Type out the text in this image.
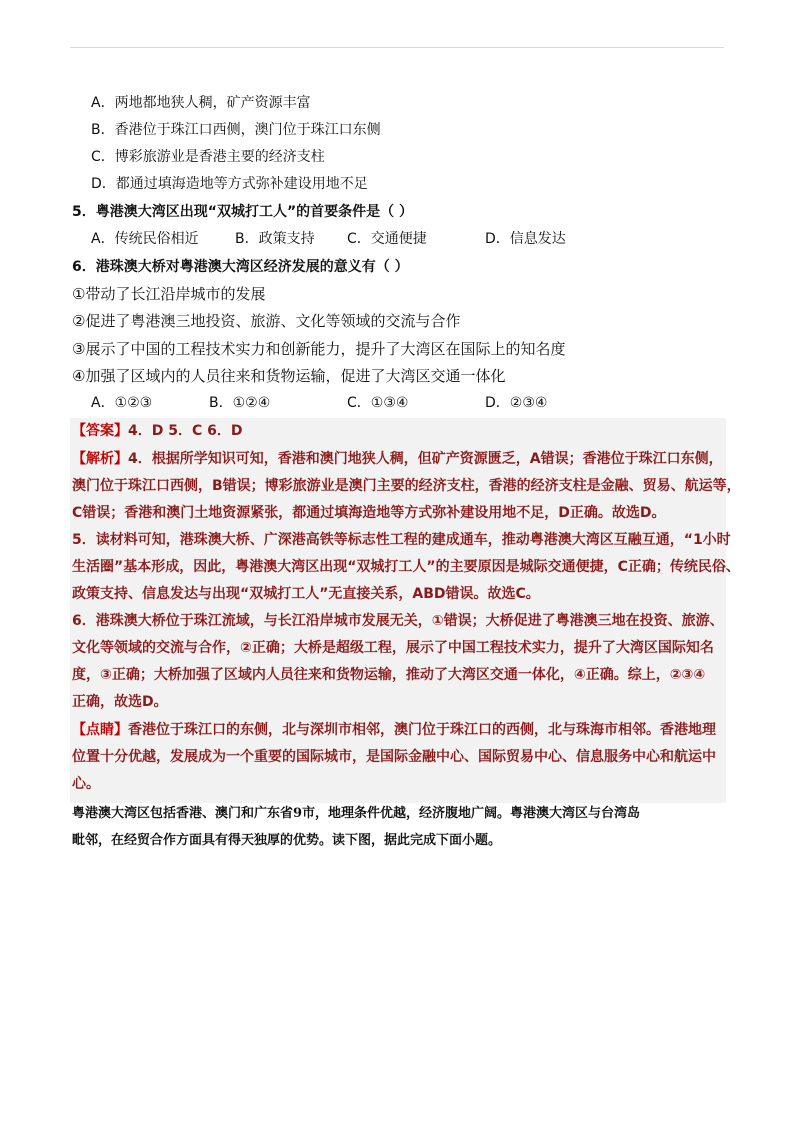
A．两地都地狭人稠，矿产资源丰富
B．香港位于珠江口西侧，澳门位于珠江口东侧
C．博彩旅游业是香港主要的经济支柱
D．都通过填海造地等方式弥补建设用地不足
5．粤港澳大湾区出现“双城打工人”的首要条件是（ ）
A．传统民俗相近	B．政策支持 C．交通便捷	D．信息发达
6．港珠澳大桥对粤港澳大湾区经济发展的意义有（ ）
①带动了长江沿岸城市的发展
②促进了粤港澳三地投资、旅游、文化等领域的交流与合作
③展示了中国的工程技术实力和创新能力，提升了大湾区在国际上的知名度
④加强了区域内的人员往来和货物运输，促进了大湾区交通一体化
A．①②③	B．①②④	C．①③④	D．②③④
【答案】4．D 5．C 6．D
【解析】4．根据所学知识可知，香港和澳门地狭人稠，但矿产资源匮乏，A错误；香港位于珠江口东侧，
澳门位于珠江口西侧，B错误；博彩旅游业是澳门主要的经济支柱，香港的经济支柱是金融、贸易、航运等，
C错误；香港和澳门土地资源紧张，都通过填海造地等方式弥补建设用地不足，D正确。故选D。
5．读材料可知，港珠澳大桥、广深港高铁等标志性工程的建成通车，推动粤港澳大湾区互融互通，“1小时
生活圈”基本形成，因此，粤港澳大湾区出现“双城打工人”的主要原因是城际交通便捷，C正确；传统民俗、
政策支持、信息发达与出现“双城打工人”无直接关系，ABD错误。故选C。
6．港珠澳大桥位于珠江流域，与长江沿岸城市发展无关，①错误；大桥促进了粤港澳三地在投资、旅游、
文化等领域的交流与合作，②正确；大桥是超级工程，展示了中国工程技术实力，提升了大湾区国际知名
度，③正确；大桥加强了区域内人员往来和货物运输，推动了大湾区交通一体化，④正确。综上，②③④
正确，故选D。
【点睛】香港位于珠江口的东侧，北与深圳市相邻，澳门位于珠江口的西侧，北与珠海市相邻。香港地理
位置十分优越，发展成为一个重要的国际城市，是国际金融中心、国际贸易中心、信息服务中心和航运中
心。
粤港澳大湾区包括香港、澳门和广东省9市，地理条件优越，经济腹地广阔。粤港澳大湾区与台湾岛
毗邻，在经贸合作方面具有得天独厚的优势。读下图，据此完成下面小题。
